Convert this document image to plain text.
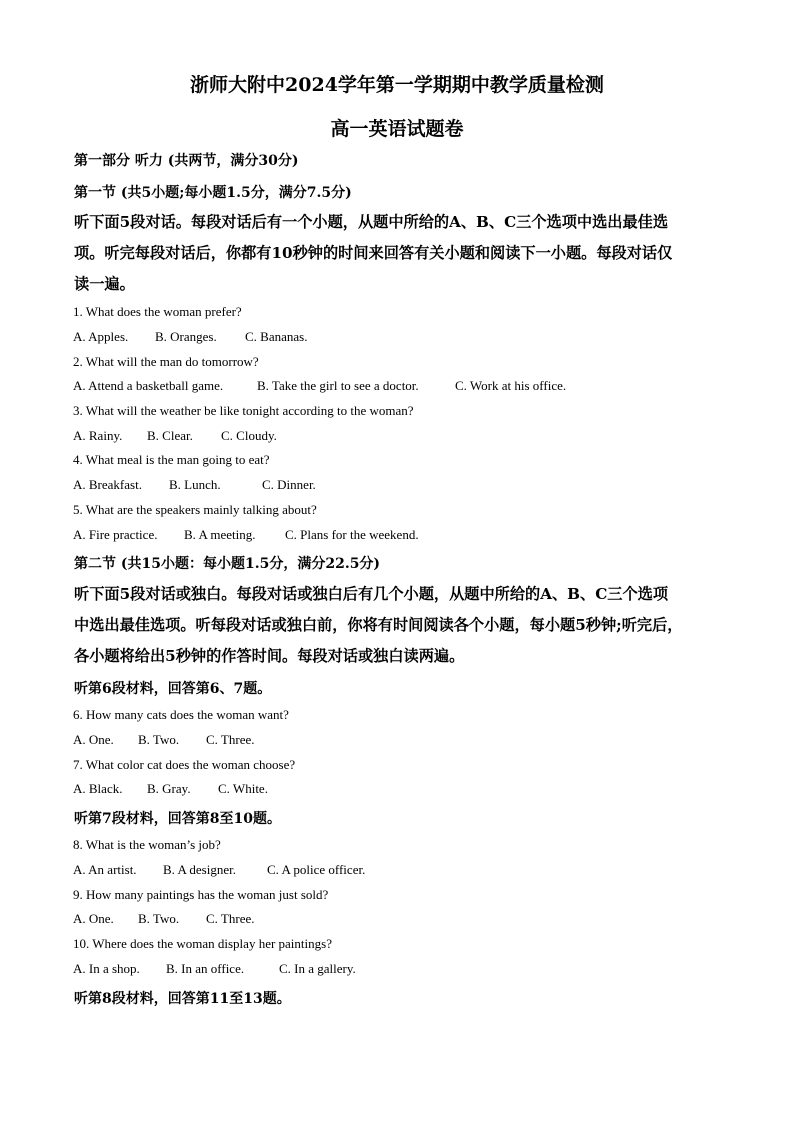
浙师大附中2024学年第一学期期中教学质量检测
高一英语试题卷
第一部分 听力 (共两节，满分30分)
第一节 (共5小题;每小题1.5分，满分7.5分)
听下面5段对话。每段对话后有一个小题，从题中所给的A、B、C三个选项中选出最佳选
项。听完每段对话后，你都有10秒钟的时间来回答有关小题和阅读下一小题。每段对话仅
读一遍。
1. What does the woman prefer?
A. Apples. B. Oranges. C. Bananas.
2. What will the man do tomorrow?
A. Attend a basketball game.	B. Take the girl to see a doctor.	C. Work at his office.
3. What will the weather be like tonight according to the woman?
A. Rainy. B. Clear. C. Cloudy.
4. What meal is the man going to eat?
A. Breakfast. B. Lunch.	C. Dinner.
5. What are the speakers mainly talking about?
A. Fire practice. B. A meeting. C. Plans for the weekend.
第二节 (共15小题：每小题1.5分，满分22.5分)
听下面5段对话或独白。每段对话或独白后有几个小题，从题中所给的A、B、C三个选项
中选出最佳选项。听每段对话或独白前，你将有时间阅读各个小题，每小题5秒钟;听完后，
各小题将给出5秒钟的作答时间。每段对话或独白读两遍。
听第6段材料，回答第6、7题。
6. How many cats does the woman want?
A. One. B. Two. C. Three.
7. What color cat does the woman choose?
A. Black. B. Gray. C. White.
听第7段材料，回答第8至10题。
8. What is the woman’s job?
A. An artist. B. A designer. C. A police officer.
9. How many paintings has the woman just sold?
A. One. B. Two. C. Three.
10. Where does the woman display her paintings?
A. In a shop. B. In an office.	C. In a gallery.
听第8段材料，回答第11至13题。
